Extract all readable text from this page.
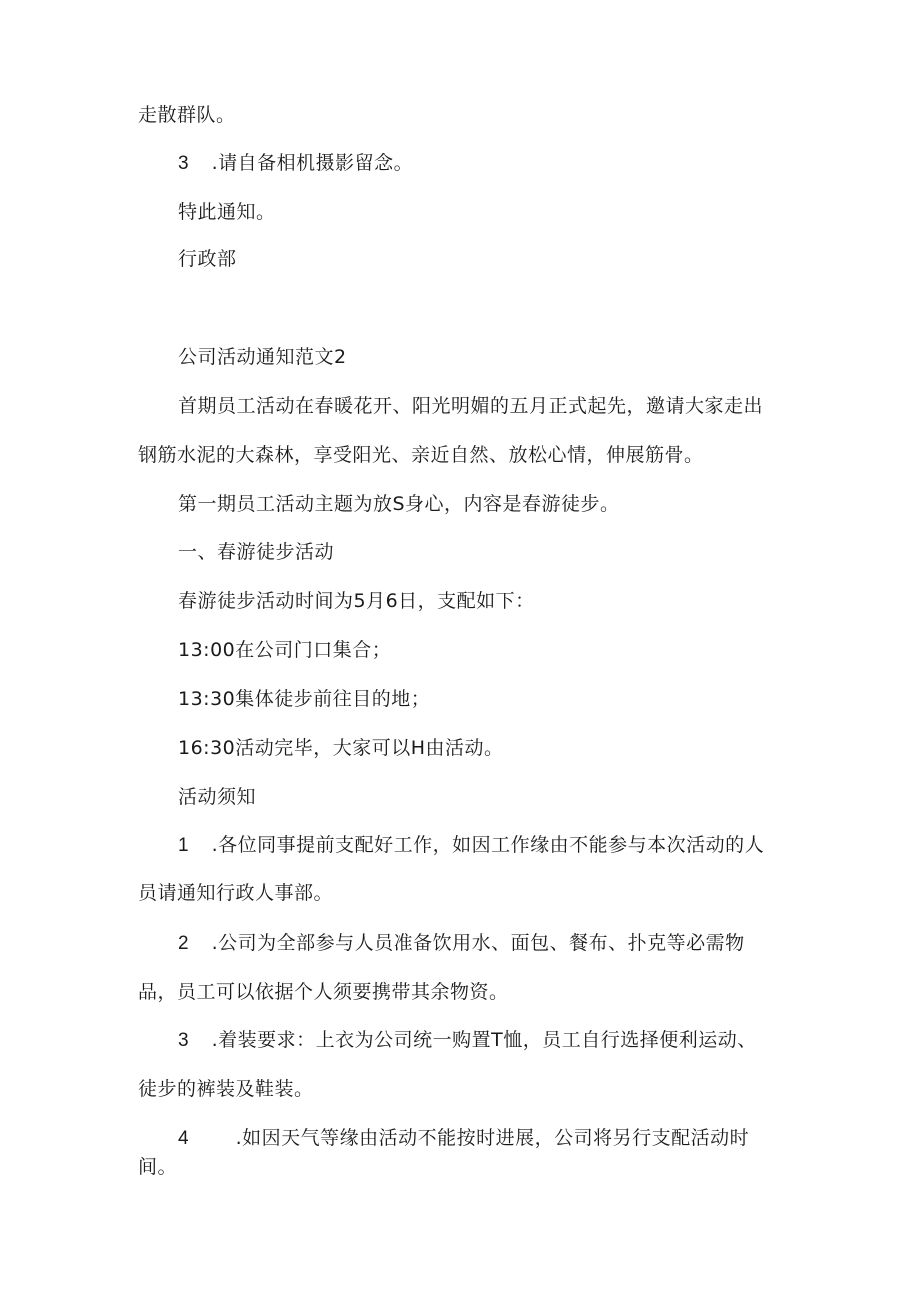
走散群队。
3 .请自备相机摄影留念。
特此通知。
行政部
公司活动通知范文2
首期员工活动在春暖花开、阳光明媚的五月正式起先，邀请大家走出
钢筋水泥的大森林，享受阳光、亲近自然、放松心情，伸展筋骨。
第一期员工活动主题为放S身心，内容是春游徒步。
一、春游徒步活动
春游徒步活动时间为5月6日，支配如下：
13:00在公司门口集合；
13:30集体徒步前往目的地；
16:30活动完毕，大家可以H由活动。
活动须知
1 .各位同事提前支配好工作，如因工作缘由不能参与本次活动的人
员请通知行政人事部。
2 .公司为全部参与人员准备饮用水、面包、餐布、扑克等必需物
品，员工可以依据个人须要携带其余物资。
3 .着装要求：上衣为公司统一购置T恤，员工自行选择便利运动、
徒步的裤装及鞋装。
4 .如因天气等缘由活动不能按时进展，公司将另行支配活动时
间。
